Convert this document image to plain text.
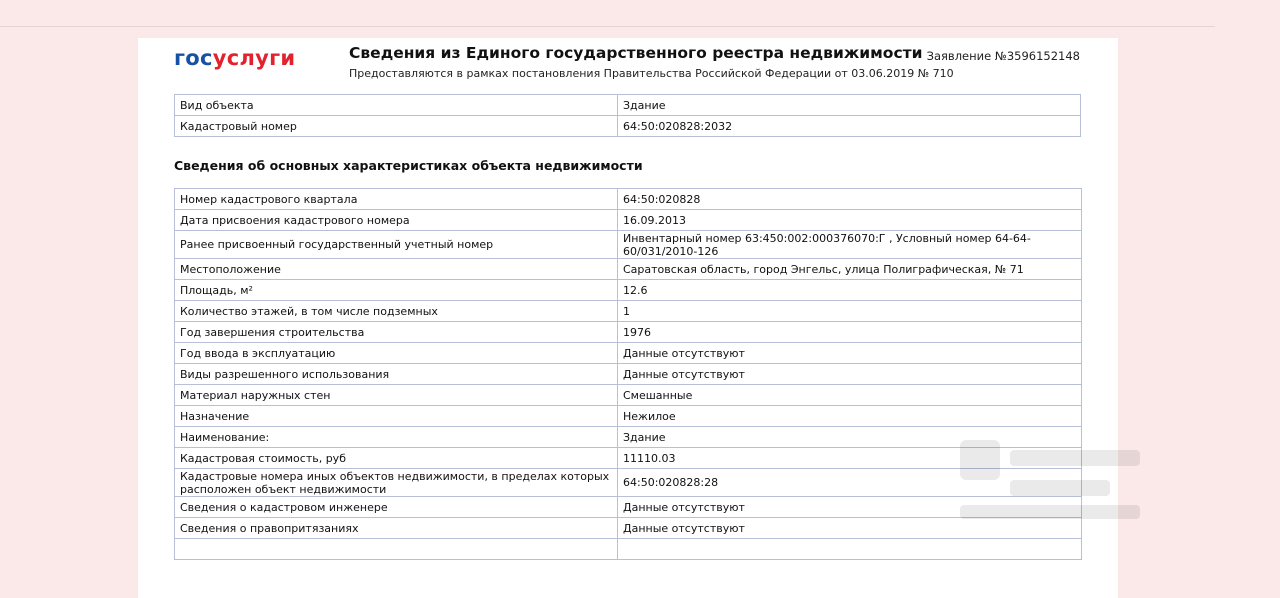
госуслуги	Сведения из Единого государственного реестра недвижимости
Предоставляются в рамках постановления Правительства Российской Федерации от 03.06.2019 № 710
Заявление №3596152148
Вид объекта	Здание
Кадастровый номер	64:50:020828:2032
Сведения об основных характеристиках объекта недвижимости
Номер кадастрового квартала	64:50:020828
Дата присвоения кадастрового номера	16.09.2013
Ранее присвоенный государственный учетный номер	Инвентарный номер 63:450:002:000376070:Г , Условный номер 64-64-60/031/2010-126
Местоположение	Саратовская область, город Энгельс, улица Полиграфическая, № 71
Площадь, м²	12.6
Количество этажей, в том числе подземных	1
Год завершения строительства	1976
Год ввода в эксплуатацию	Данные отсутствуют
Виды разрешенного использования	Данные отсутствуют
Материал наружных стен	Смешанные
Назначение	Нежилое
Наименование:	Здание
Кадастровая стоимость, руб	11110.03
Кадастровые номера иных объектов недвижимости, в пределах которых расположен объект недвижимости	64:50:020828:28
Сведения о кадастровом инженере	Данные отсутствуют
Сведения о правопритязаниях	Данные отсутствуют
